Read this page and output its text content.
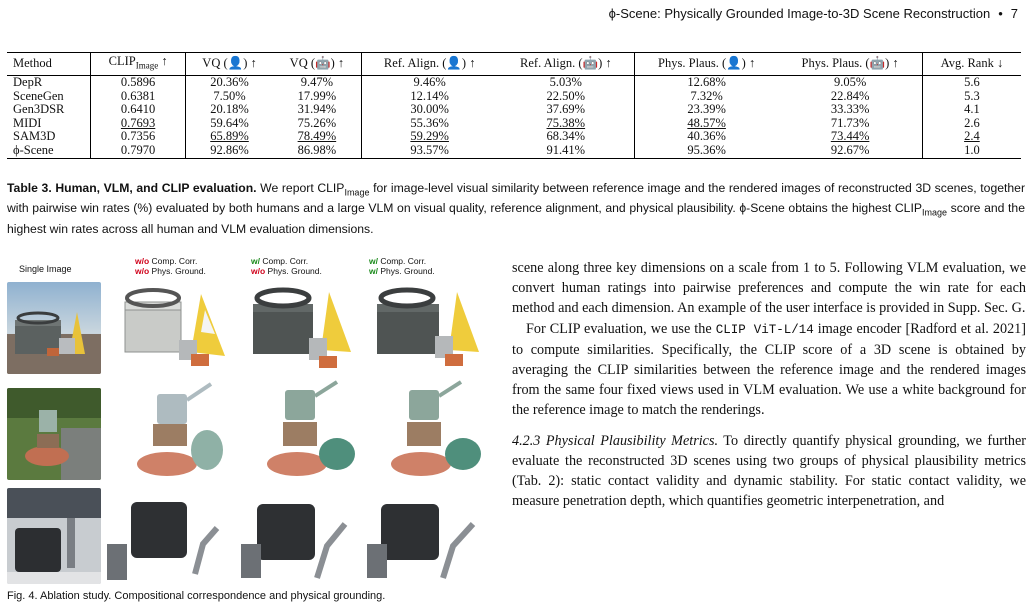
ϕ-Scene: Physically Grounded Image-to-3D Scene Reconstruction • 7
Method	$CLIP_{Image}$ ↑	VQ (👤) ↑	VQ (🤖) ↑	Ref. Align. (👤) ↑	Ref. Align. (🤖) ↑	Phys. Plaus. (👤) ↑	Phys. Plaus. (🤖) ↑	Avg. Rank ↓
DepR	0.5896	20.36%	9.47%	9.46%	5.03%	12.68%	9.05%	5.6
SceneGen	0.6381	7.50%	17.99%	12.14%	22.50%	7.32%	22.84%	5.3
Gen3DSR	0.6410	20.18%	31.94%	30.00%	37.69%	23.39%	33.33%	4.1
MIDI	0.7693	59.64%	75.26%	55.36%	75.38%	48.57%	71.73%	2.6
SAM3D	0.7356	65.89%	78.49%	59.29%	68.34%	40.36%	73.44%	2.4
ϕ-Scene	0.7970	92.86%	86.98%	93.57%	91.41%	95.36%	92.67%	1.0
Table 3. Human, VLM, and CLIP evaluation. We report $CLIP_{Image}$ for image-level visual similarity between reference image and the rendered images of reconstructed 3D scenes, together with pairwise win rates (%) evaluated by both humans and a large VLM on visual quality, reference alignment, and physical plausibility. ϕ-Scene obtains the highest $CLIP_{Image}$ score and the highest win rates across all human and VLM evaluation dimensions.
Single Image
w/o Comp. Corr.
w/o Phys. Ground.
w/ Comp. Corr.
w/o Phys. Ground.
w/ Comp. Corr.
w/ Phys. Ground.	scene along three key dimensions on a scale from 1 to 5. Following VLM evaluation, we convert human ratings into pairwise preferences and compute the win rate for each method and each dimension. An example of the user interface is provided in Supp. Sec. G.

For CLIP evaluation, we use the CLIP ViT-L/14 image encoder [Radford et al. 2021] to compute similarities. Specifically, the CLIP score of a 3D scene is obtained by averaging the CLIP similarities between the reference image and the rendered images from the same four fixed views used in VLM evaluation. We use a white background for the reference image to match the renderings.

4.2.3 Physical Plausibility Metrics. To directly quantify physical grounding, we further evaluate the reconstructed 3D scenes using two groups of physical plausibility metrics (Tab. 2): static contact validity and dynamic stability. For static contact validity, we measure penetration depth, which quantifies geometric interpenetration, and

Fig. 4. Ablation study. Compositional correspondence and physical grounding.
